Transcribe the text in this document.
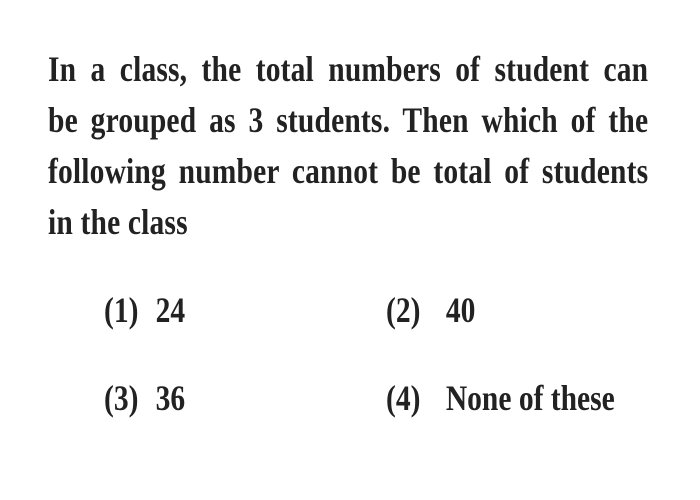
In a class, the total numbers of student can
be grouped as 3 students. Then which of the
following number cannot be total of students
in the class
(1) 24	(2) 40
(3) 36	(4) None of these
